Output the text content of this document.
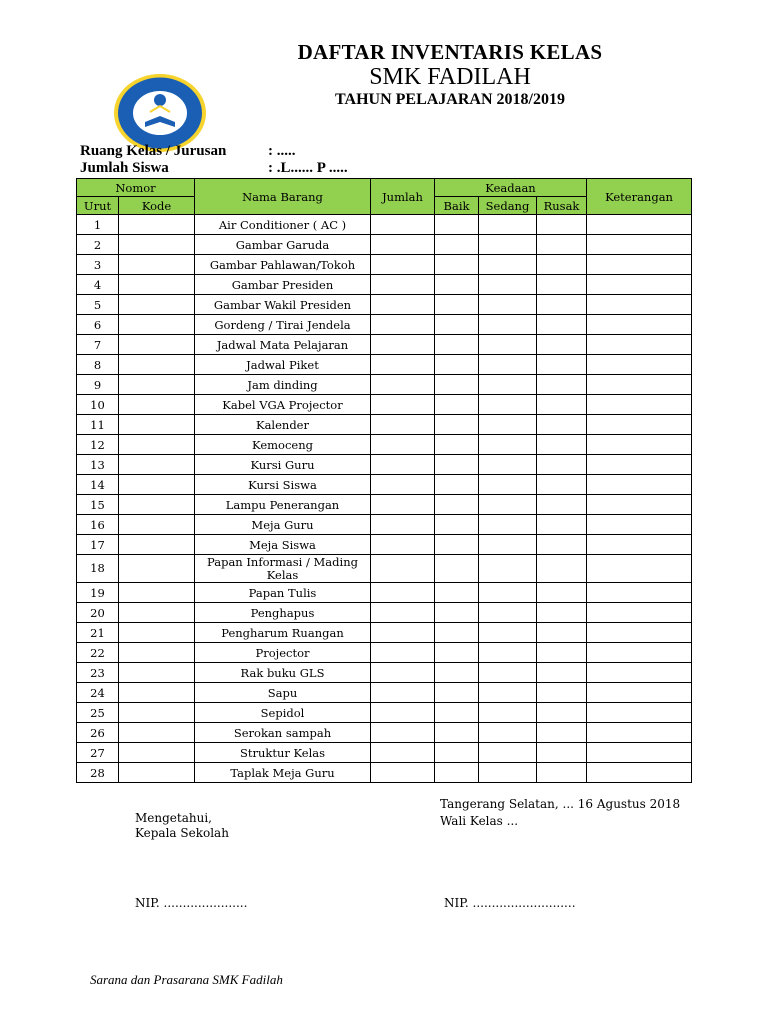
DAFTAR INVENTARIS KELAS
SMK FADILAH
TAHUN PELAJARAN 2018/2019
Ruang Kelas / Jurusan	: .....
Jumlah Siswa	: .L...... P .....
Nomor		Nama Barang	Jumlah	Keadaan			Keterangan
Urut	Kode			Baik	Sedang	Rusak	
1		Air Conditioner ( AC )					
2		Gambar Garuda					
3		Gambar Pahlawan/Tokoh					
4		Gambar Presiden					
5		Gambar Wakil Presiden					
6		Gordeng / Tirai Jendela					
7		Jadwal Mata Pelajaran					
8		Jadwal Piket					
9		Jam dinding					
10		Kabel VGA Projector					
11		Kalender					
12		Kemoceng					
13		Kursi Guru					
14		Kursi Siswa					
15		Lampu Penerangan					
16		Meja Guru					
17		Meja Siswa					
18		Papan Informasi / Mading Kelas					
19		Papan Tulis					
20		Penghapus					
21		Pengharum Ruangan					
22		Projector					
23		Rak buku GLS					
24		Sapu					
25		Sepidol					
26		Serokan sampah					
27		Struktur Kelas					
28		Taplak Meja Guru					
Tangerang Selatan, ... 16 Agustus 2018
Wali Kelas ...
Mengetahui,
Kepala Sekolah
NIP. ......................	NIP. ...........................
Sarana dan Prasarana SMK Fadilah
